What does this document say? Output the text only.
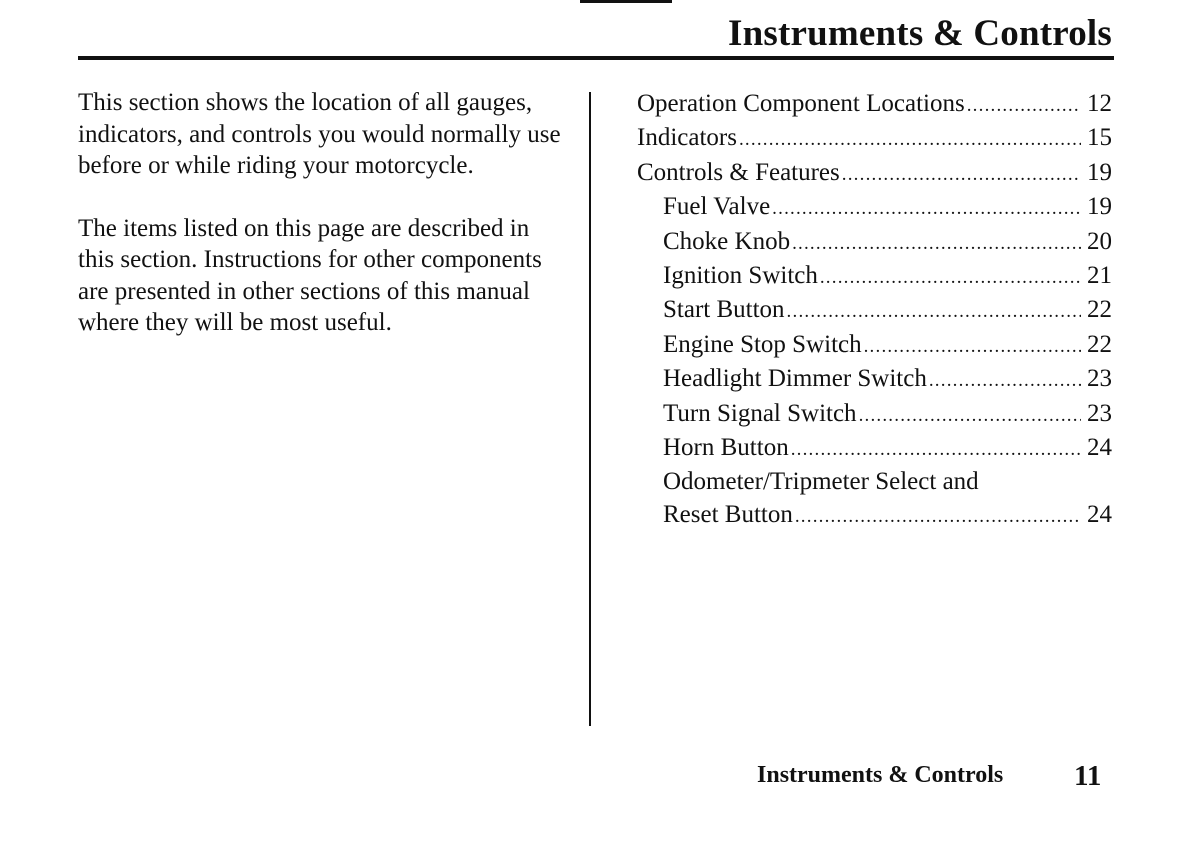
Instruments & Controls

This section shows the location of all gauges, indicators, and controls you would normally use before or while riding your motorcycle.

The items listed on this page are described in this section. Instructions for other components are presented in other sections of this manual where they will be most useful.

Operation Component Locations .....	12
Indicators .....	15
Controls & Features .....	19
Fuel Valve .....	19
Choke Knob .....	20
Ignition Switch .....	21
Start Button .....	22
Engine Stop Switch .....	22
Headlight Dimmer Switch .....	23
Turn Signal Switch .....	23
Horn Button .....	24
Odometer/Tripmeter Select and
Reset Button .....	24
Instruments & Controls 11
